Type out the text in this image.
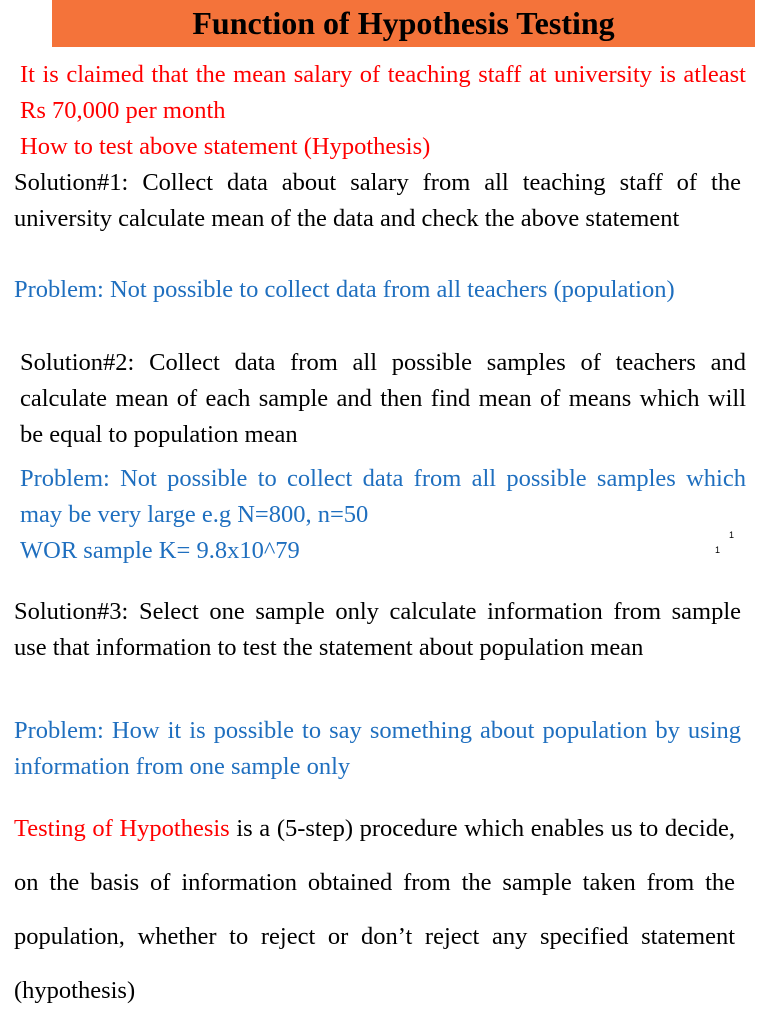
Function of Hypothesis Testing

It is claimed that the mean salary of teaching staff at university is atleast Rs 70,000 per month
How to test above statement (Hypothesis)

Solution#1: Collect data about salary from all teaching staff of the university calculate mean of the data and check the above statement

Problem: Not possible to collect data from all teachers (population)

Solution#2: Collect data from all possible samples of teachers and calculate mean of each sample and then find mean of means which will be equal to population mean

Problem: Not possible to collect data from all possible samples which may be very large e.g N=800, n=50
WOR sample K= 9.8x10^79

1
1

Solution#3: Select one sample only calculate information from sample use that information to test the statement about population mean

Problem: How it is possible to say something about population by using information from one sample only

Testing of Hypothesis is a (5-step) procedure which enables us to decide, on the basis of information obtained from the sample taken from the population, whether to reject or don’t reject any specified statement (hypothesis)
